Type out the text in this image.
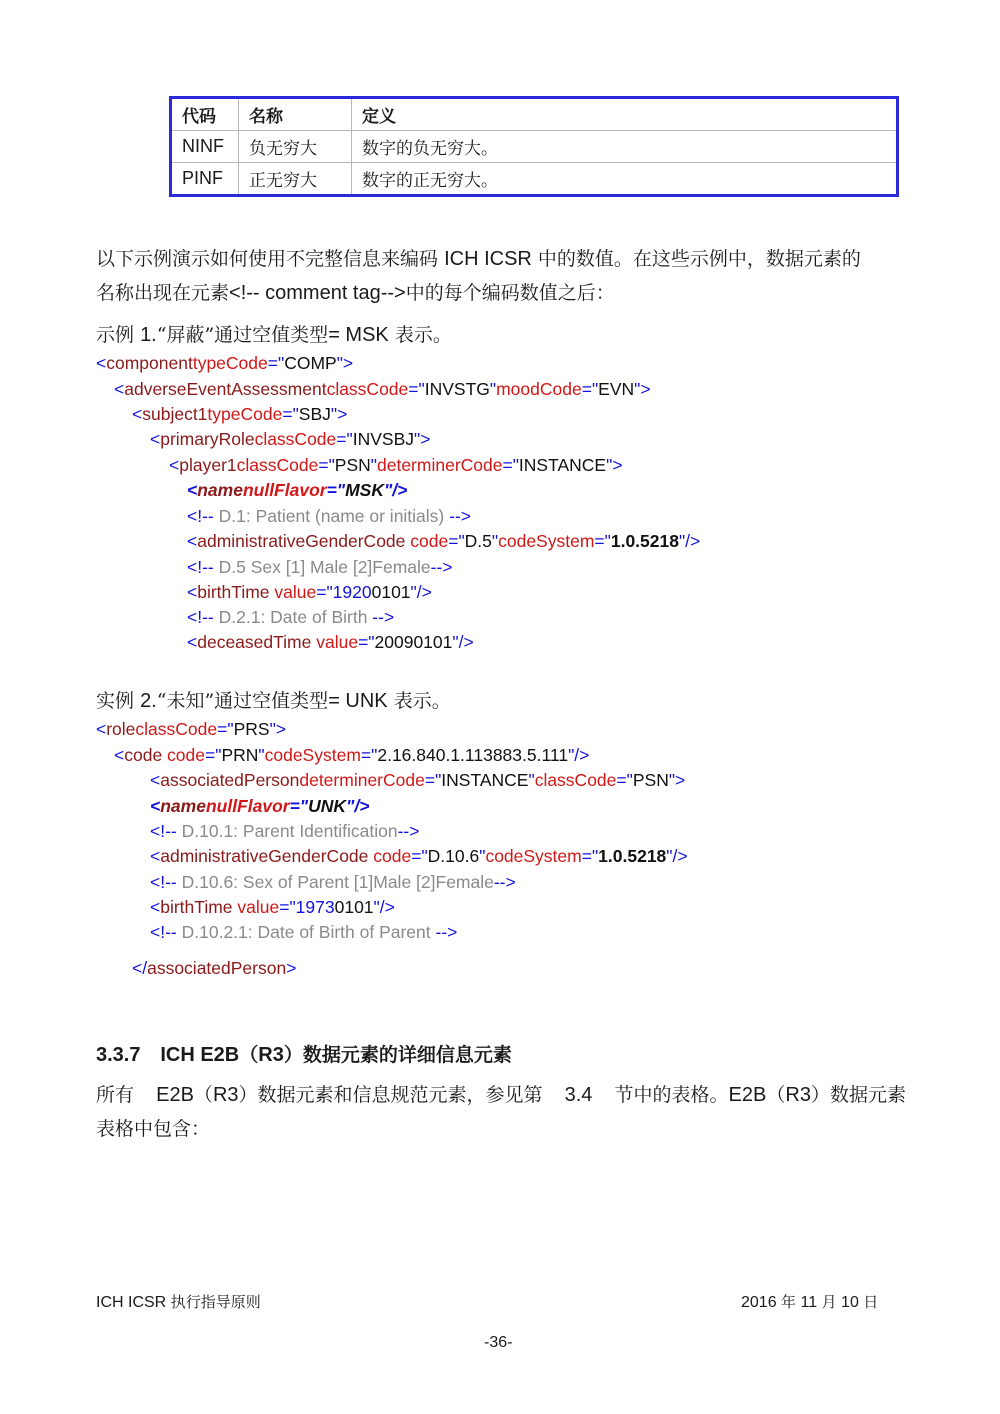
代码	名称	定义
NINF	负无穷大	数字的负无穷大。
PINF	正无穷大	数字的正无穷大。
以下示例演示如何使用不完整信息来编码 ICH ICSR 中的数值。在这些示例中，数据元素的
名称出现在元素<!-- comment tag-->中的每个编码数值之后：
示例 1.“屏蔽”通过空值类型= MSK 表示。
<componenttypeCode="COMP">
<adverseEventAssessmentclassCode="INVSTG"moodCode="EVN">
<subject1typeCode="SBJ">
<primaryRoleclassCode="INVSBJ">
<player1classCode="PSN"determinerCode="INSTANCE">
<namenullFlavor="MSK"/>
<!-- D.1: Patient (name or initials) -->
<administrativeGenderCode code="D.5"codeSystem="1.0.5218"/>
<!-- D.5 Sex [1] Male [2]Female-->
<birthTime value="19200101"/>
<!-- D.2.1: Date of Birth -->
<deceasedTime value="20090101"/>
实例 2.“未知”通过空值类型= UNK 表示。
<roleclassCode="PRS">
<code code="PRN"codeSystem="2.16.840.1.113883.5.111"/>
<associatedPersondeterminerCode="INSTANCE"classCode="PSN">
<namenullFlavor="UNK"/>
<!-- D.10.1: Parent Identification-->
<administrativeGenderCode code="D.10.6"codeSystem="1.0.5218"/>
<!-- D.10.6: Sex of Parent [1]Male [2]Female-->
<birthTime value="19730101"/>
<!-- D.10.2.1: Date of Birth of Parent -->
</associatedPerson>
3.3.7 ICH E2B（R3）数据元素的详细信息元素
所有 E2B（R3）数据元素和信息规范元素，参见第 3.4 节中的表格。E2B（R3）数据元素
表格中包含：
ICH ICSR 执行指导原则	2016 年 11 月 10 日
-36-
